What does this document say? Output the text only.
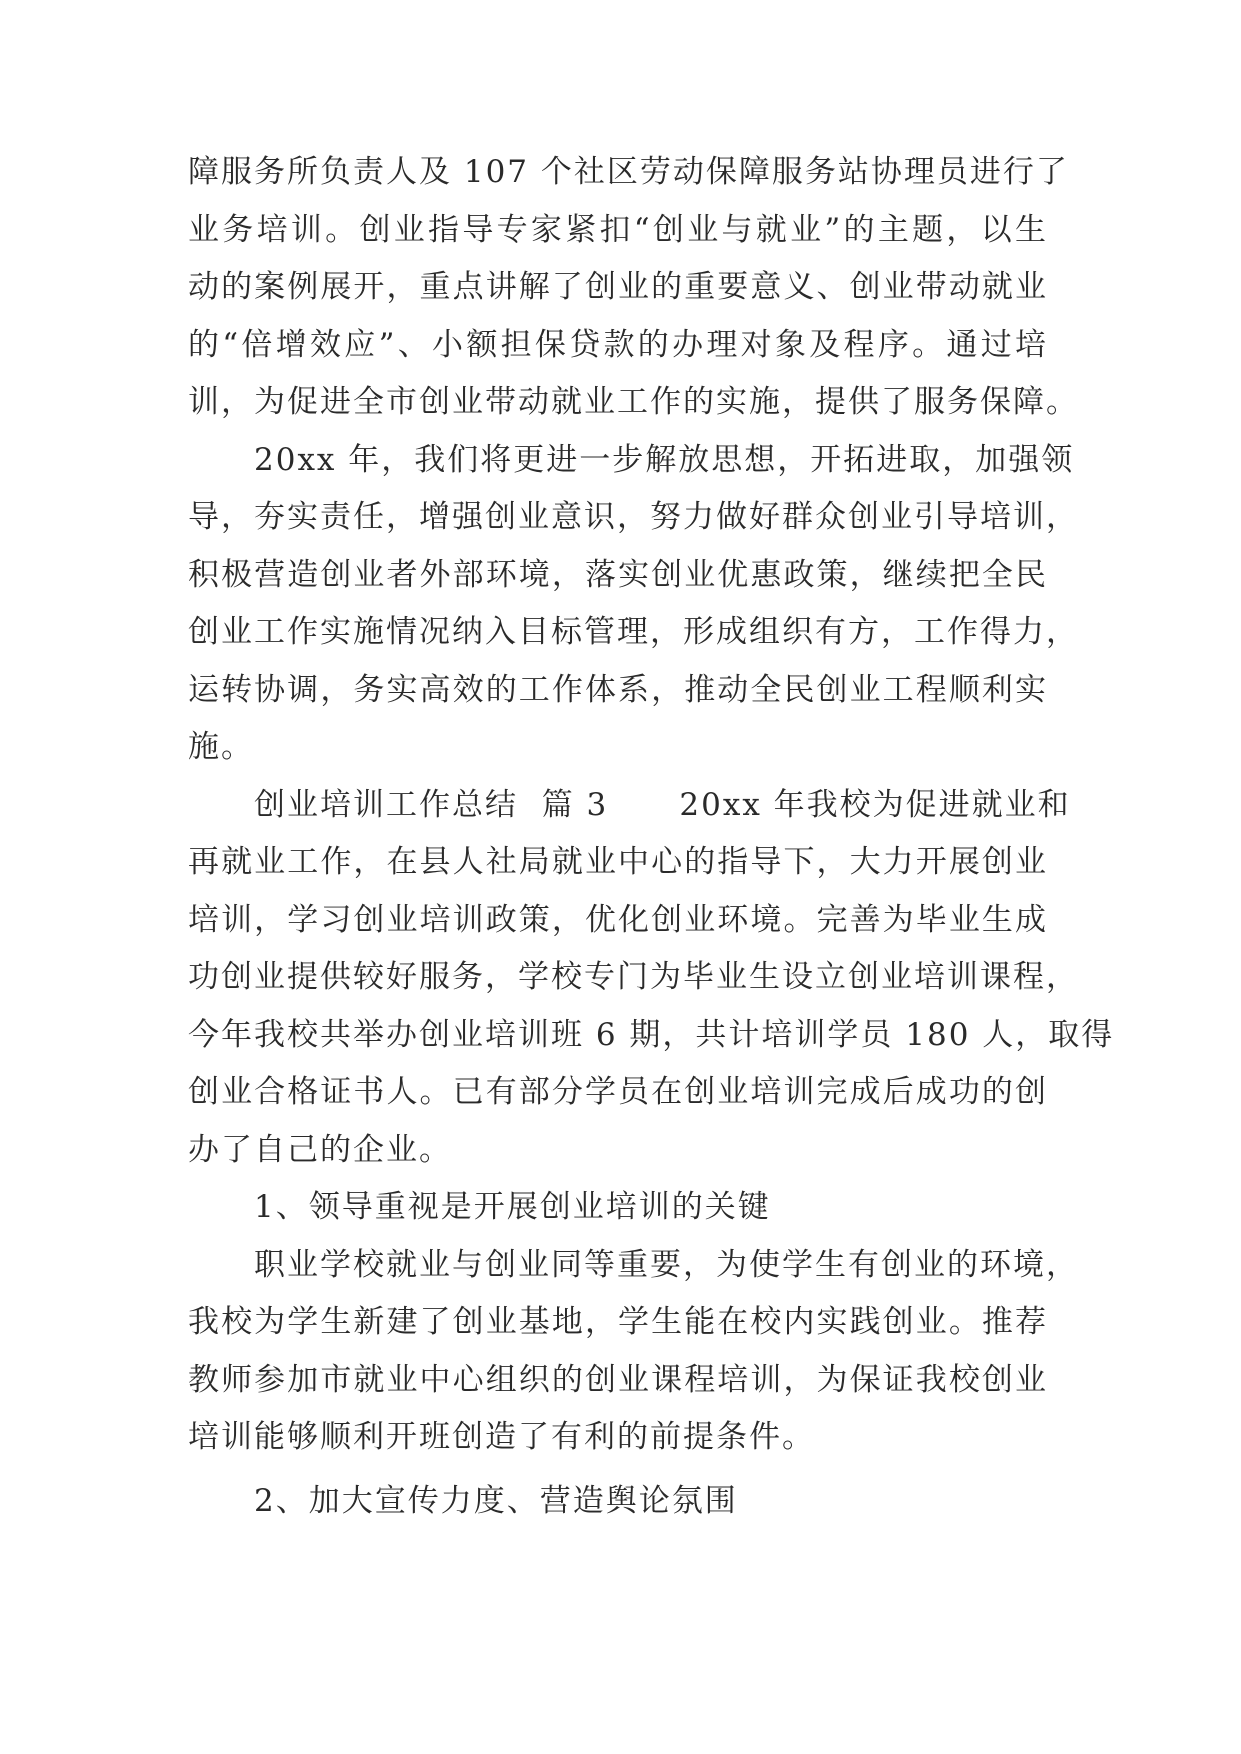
障服务所负责人及 107 个社区劳动保障服务站协理员进行了
业务培训。创业指导专家紧扣“创业与就业”的主题，以生
动的案例展开，重点讲解了创业的重要意义、创业带动就业
的“倍增效应”、小额担保贷款的办理对象及程序。通过培
训，为促进全市创业带动就业工作的实施，提供了服务保障。
20xx 年，我们将更进一步解放思想，开拓进取，加强领
导，夯实责任，增强创业意识，努力做好群众创业引导培训，
积极营造创业者外部环境，落实创业优惠政策，继续把全民
创业工作实施情况纳入目标管理，形成组织有方，工作得力，
运转协调，务实高效的工作体系，推动全民创业工程顺利实
施。
创业培训工作总结  篇 3      20xx 年我校为促进就业和
再就业工作，在县人社局就业中心的指导下，大力开展创业
培训，学习创业培训政策，优化创业环境。完善为毕业生成
功创业提供较好服务，学校专门为毕业生设立创业培训课程，
今年我校共举办创业培训班 6 期，共计培训学员 180 人，取得
创业合格证书人。已有部分学员在创业培训完成后成功的创
办了自己的企业。
1、领导重视是开展创业培训的关键
职业学校就业与创业同等重要，为使学生有创业的环境，
我校为学生新建了创业基地，学生能在校内实践创业。推荐
教师参加市就业中心组织的创业课程培训，为保证我校创业
培训能够顺利开班创造了有利的前提条件。
2、加大宣传力度、营造舆论氛围
